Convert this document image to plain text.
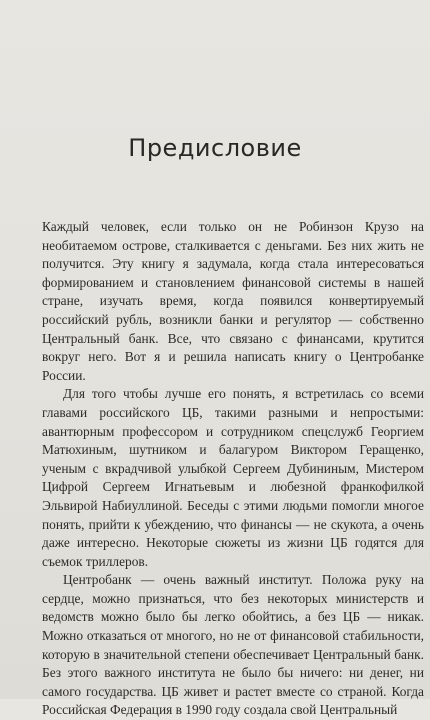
Предисловие

Каждый человек, если только он не Робинзон Крузо на необитаемом острове, сталкивается с деньгами. Без них жить не получится. Эту книгу я задумала, когда стала интересоваться формированием и становлением финансовой системы в нашей стране, изучать время, когда появился конвертируемый российский рубль, возникли банки и регулятор — собственно Центральный банк. Все, что связано с финансами, крутится вокруг него. Вот я и решила написать книгу о Центробанке России.

Для того чтобы лучше его понять, я встретилась со всеми главами российского ЦБ, такими разными и непростыми: авантюрным профессором и сотрудником спецслужб Георгием Матюхиным, шутником и балагуром Виктором Геращенко, ученым с вкрадчивой улыбкой Сергеем Дубининым, Мистером Цифрой Сергеем Игнатьевым и любезной франкофилкой Эльвирой Набиуллиной. Беседы с этими людьми помогли многое понять, прийти к убеждению, что финансы — не скукота, а очень даже интересно. Некоторые сюжеты из жизни ЦБ годятся для съемок триллеров.

Центробанк — очень важный институт. Положа руку на сердце, можно признаться, что без некоторых министерств и ведомств можно было бы легко обойтись, а без ЦБ — никак. Можно отказаться от многого, но не от финансовой стабильности, которую в значительной степени обеспечивает Центральный банк. Без этого важного института не было бы ничего: ни денег, ни самого государства. ЦБ живет и растет вместе со страной. Когда Российская Федерация в 1990 году создала свой Центральный
